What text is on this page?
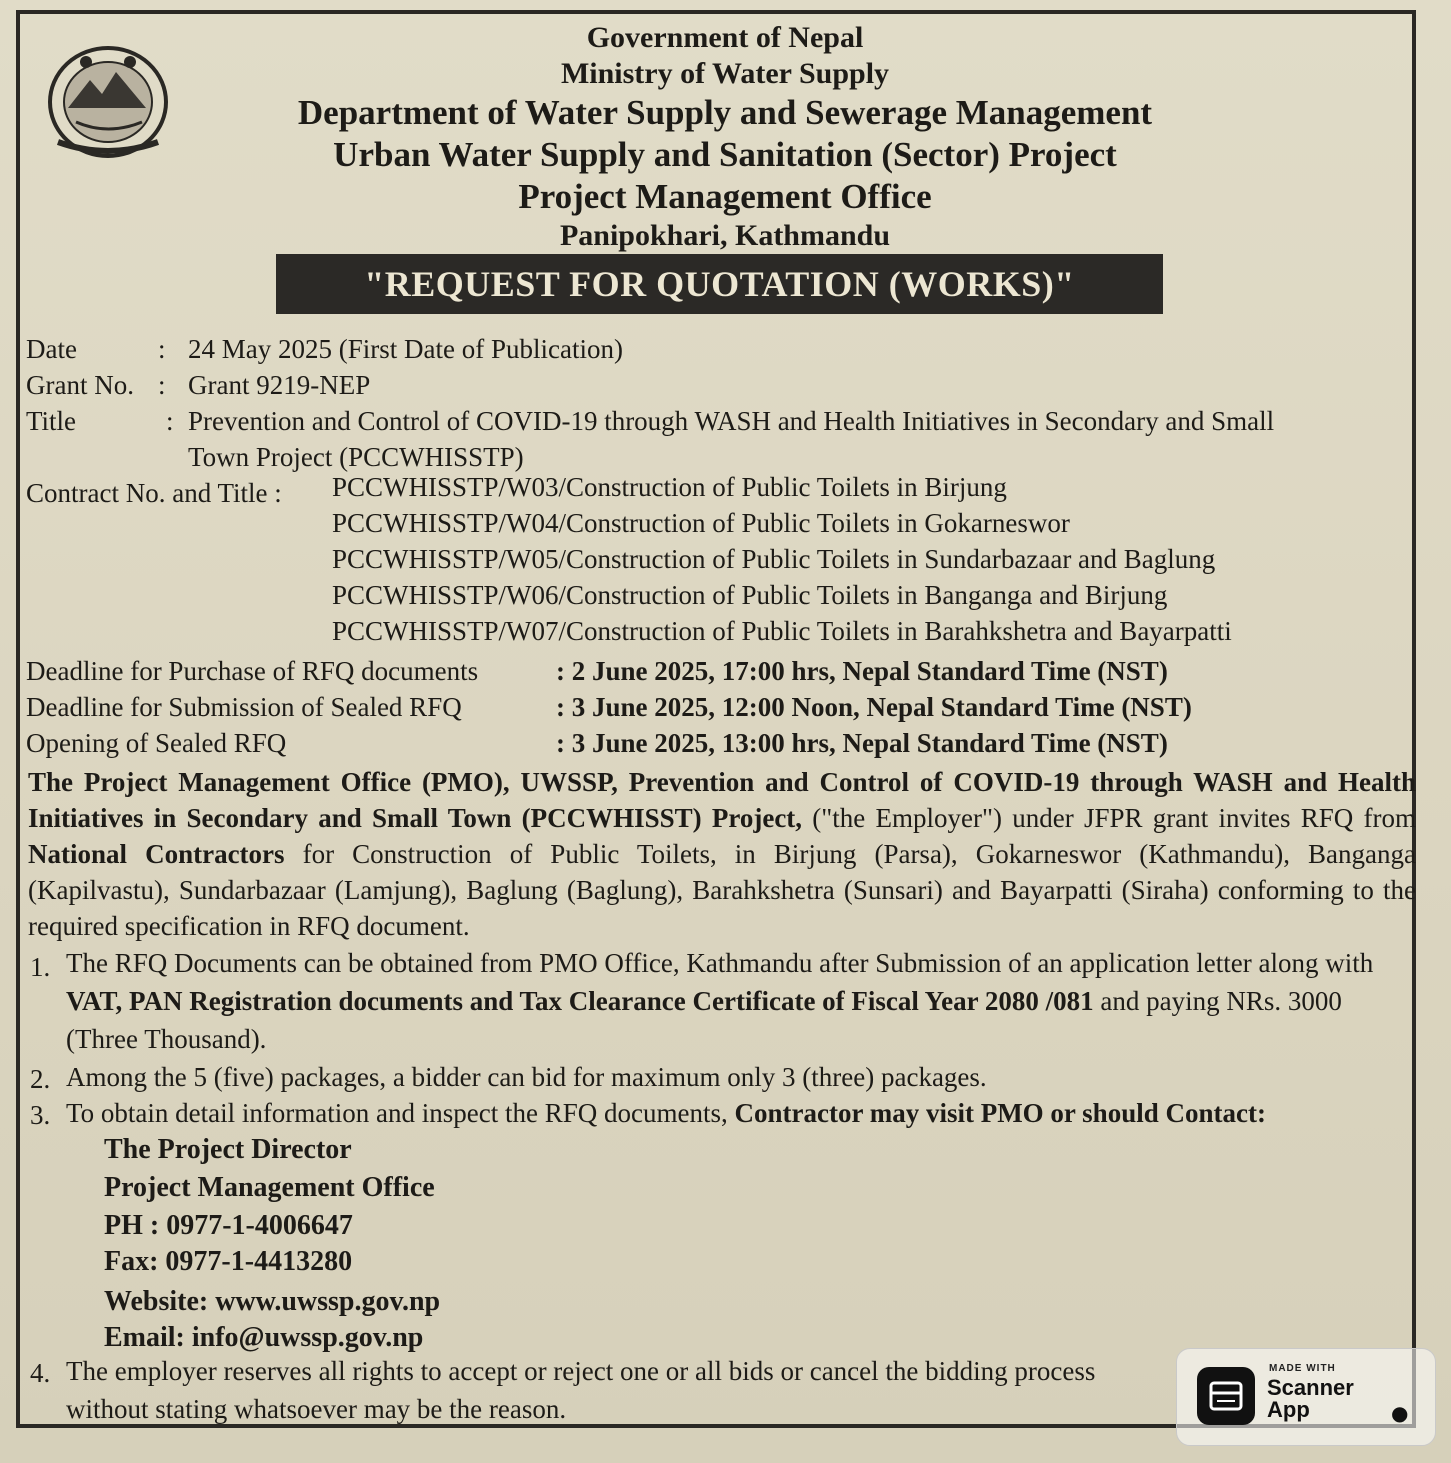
Government of Nepal
Ministry of Water Supply
Department of Water Supply and Sewerage Management
Urban Water Supply and Sanitation (Sector) Project
Project Management Office
Panipokhari, Kathmandu
"REQUEST FOR QUOTATION (WORKS)"
Date	: 24 May 2025 (First Date of Publication)
Grant No. : Grant 9219-NEP
Title	: Prevention and Control of COVID-19 through WASH and Health Initiatives in Secondary and Small
Town Project (PCCWHISSTP)
Contract No. and Title : PCCWHISSTP/W03/Construction of Public Toilets in Birjung
PCCWHISSTP/W04/Construction of Public Toilets in Gokarneswor
PCCWHISSTP/W05/Construction of Public Toilets in Sundarbazaar and Baglung
PCCWHISSTP/W06/Construction of Public Toilets in Banganga and Birjung
PCCWHISSTP/W07/Construction of Public Toilets in Barahkshetra and Bayarpatti
Deadline for Purchase of RFQ documents	: 2 June 2025, 17:00 hrs, Nepal Standard Time (NST)
Deadline for Submission of Sealed RFQ	: 3 June 2025, 12:00 Noon, Nepal Standard Time (NST)
Opening of Sealed RFQ	: 3 June 2025, 13:00 hrs, Nepal Standard Time (NST)
The Project Management Office (PMO), UWSSP, Prevention and Control of COVID-19 through WASH and Health Initiatives in Secondary and Small Town (PCCWHISST) Project, ("the Employer") under JFPR grant invites RFQ from National Contractors for Construction of Public Toilets, in Birjung (Parsa), Gokarneswor (Kathmandu), Banganga (Kapilvastu), Sundarbazaar (Lamjung), Baglung (Baglung), Barahkshetra (Sunsari) and Bayarpatti (Siraha) conforming to the required specification in RFQ document.
1. The RFQ Documents can be obtained from PMO Office, Kathmandu after Submission of an application letter along with VAT, PAN Registration documents and Tax Clearance Certificate of Fiscal Year 2080 /081 and paying NRs. 3000 (Three Thousand).
2. Among the 5 (five) packages, a bidder can bid for maximum only 3 (three) packages.
3. To obtain detail information and inspect the RFQ documents, Contractor may visit PMO or should Contact:
The Project Director
Project Management Office
PH : 0977-1-4006647
Fax: 0977-1-4413280
Website: www.uwssp.gov.np
Email: info@uwssp.gov.np
4. The employer reserves all rights to accept or reject one or all bids or cancel the bidding process without stating whatsoever may be the reason.
MADE WITH
Scanner
App	●
